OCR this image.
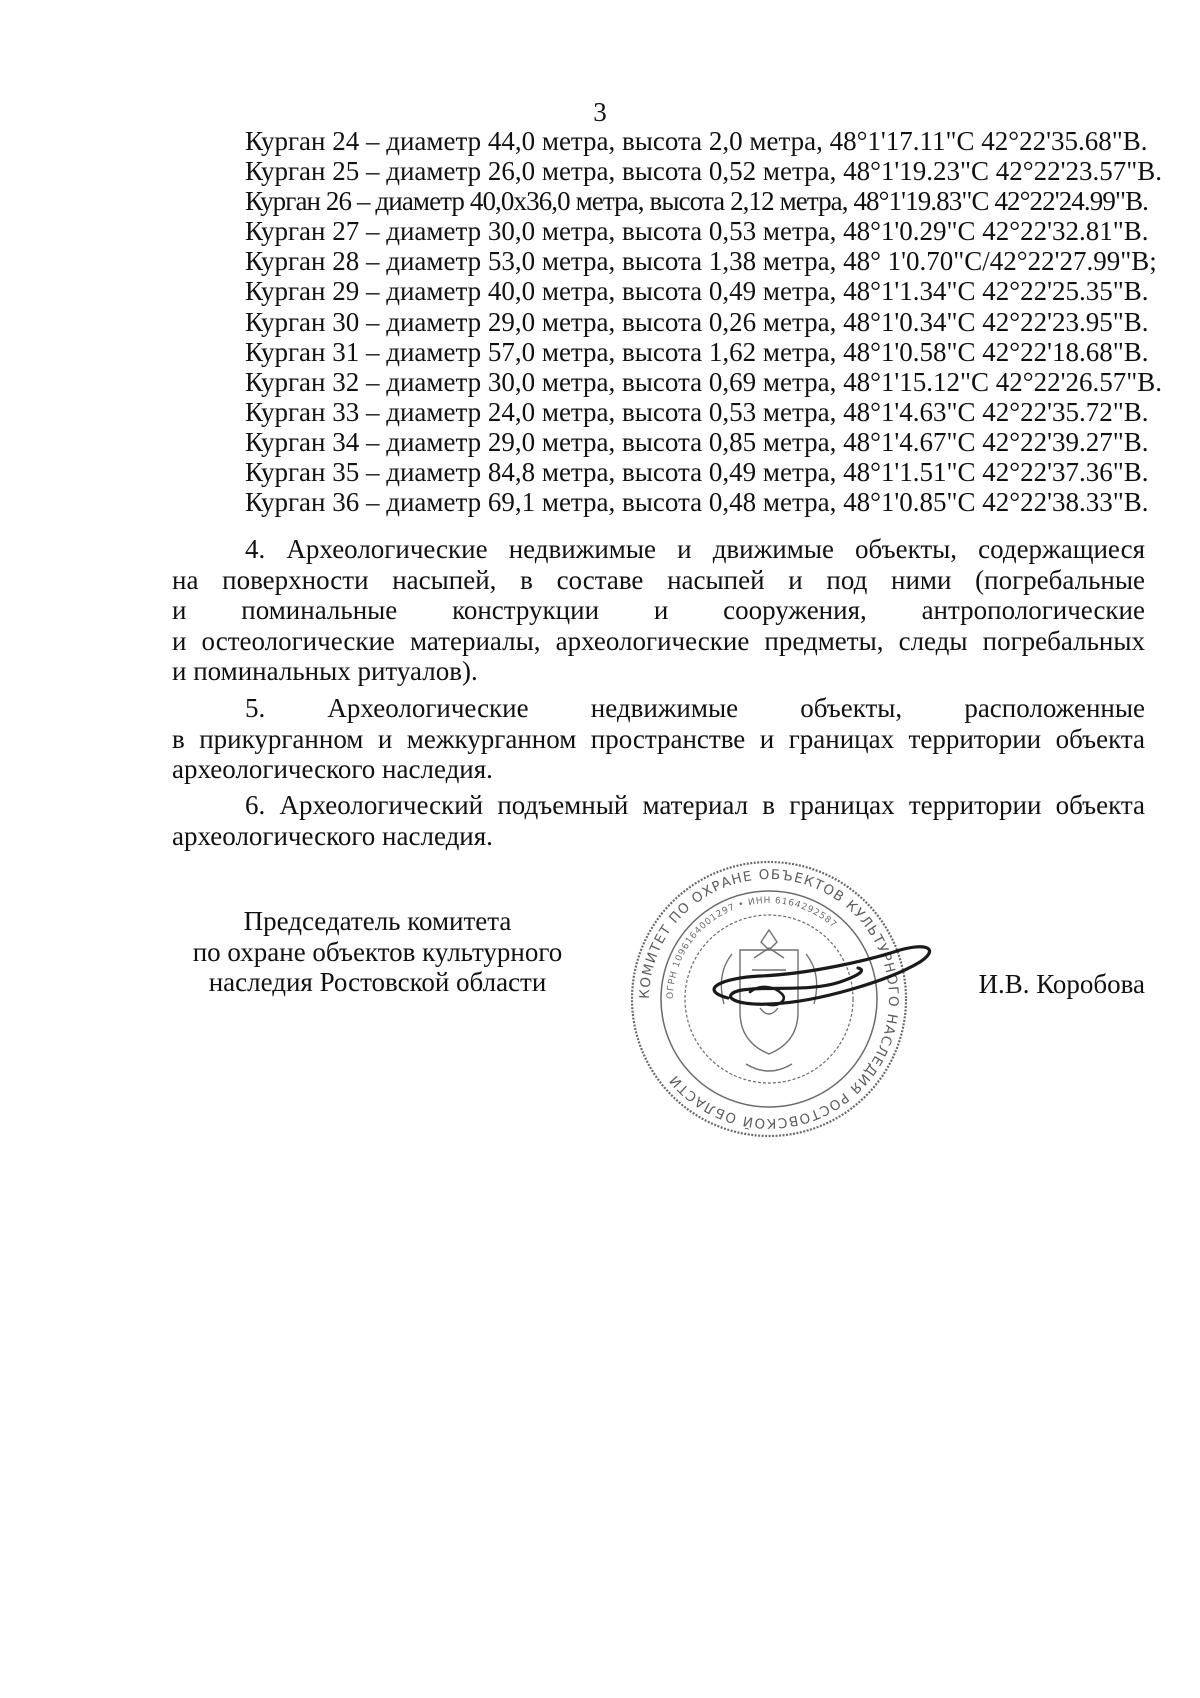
3
Курган 24 – диаметр 44,0 метра, высота 2,0 метра, 48°1'17.11"С 42°22'35.68"В.
Курган 25 – диаметр 26,0 метра, высота 0,52 метра, 48°1'19.23"С 42°22'23.57"В.
Курган 26 – диаметр 40,0х36,0 метра, высота 2,12 метра, 48°1'19.83"С 42°22'24.99"В.
Курган 27 – диаметр 30,0 метра, высота 0,53 метра, 48°1'0.29"С 42°22'32.81"В.
Курган 28 – диаметр 53,0 метра, высота 1,38 метра, 48° 1'0.70"С/42°22'27.99"В;
Курган 29 – диаметр 40,0 метра, высота 0,49 метра, 48°1'1.34"С 42°22'25.35"В.
Курган 30 – диаметр 29,0 метра, высота 0,26 метра, 48°1'0.34"С 42°22'23.95"В.
Курган 31 – диаметр 57,0 метра, высота 1,62 метра, 48°1'0.58"С 42°22'18.68"В.
Курган 32 – диаметр 30,0 метра, высота 0,69 метра, 48°1'15.12"С 42°22'26.57"В.
Курган 33 – диаметр 24,0 метра, высота 0,53 метра, 48°1'4.63"С 42°22'35.72"В.
Курган 34 – диаметр 29,0 метра, высота 0,85 метра, 48°1'4.67"С 42°22'39.27"В.
Курган 35 – диаметр 84,8 метра, высота 0,49 метра, 48°1'1.51"С 42°22'37.36"В.
Курган 36 – диаметр 69,1 метра, высота 0,48 метра, 48°1'0.85"С 42°22'38.33"В.
4. Археологические недвижимые и движимые объекты, содержащиеся
на поверхности насыпей, в составе насыпей и под ними (погребальные
и поминальные конструкции и сооружения, антропологические
и остеологические материалы, археологические предметы, следы погребальных
и поминальных ритуалов).
5. Археологические недвижимые объекты, расположенные
в прикурганном и межкурганном пространстве и границах территории объекта
археологического наследия.
6. Археологический подъемный материал в границах территории объекта
археологического наследия.
Председатель комитета
по охране объектов культурного
наследия Ростовской области	КОМИТЕТ ПО ОХРАНЕ ОБЪЕКТОВ КУЛЬТУРНОГО НАСЛЕДИЯ РОСТОВСКОЙ ОБЛАСТИ
ОГРН 1096164001297 • ИНН 6164292587
И.В. Коробова
